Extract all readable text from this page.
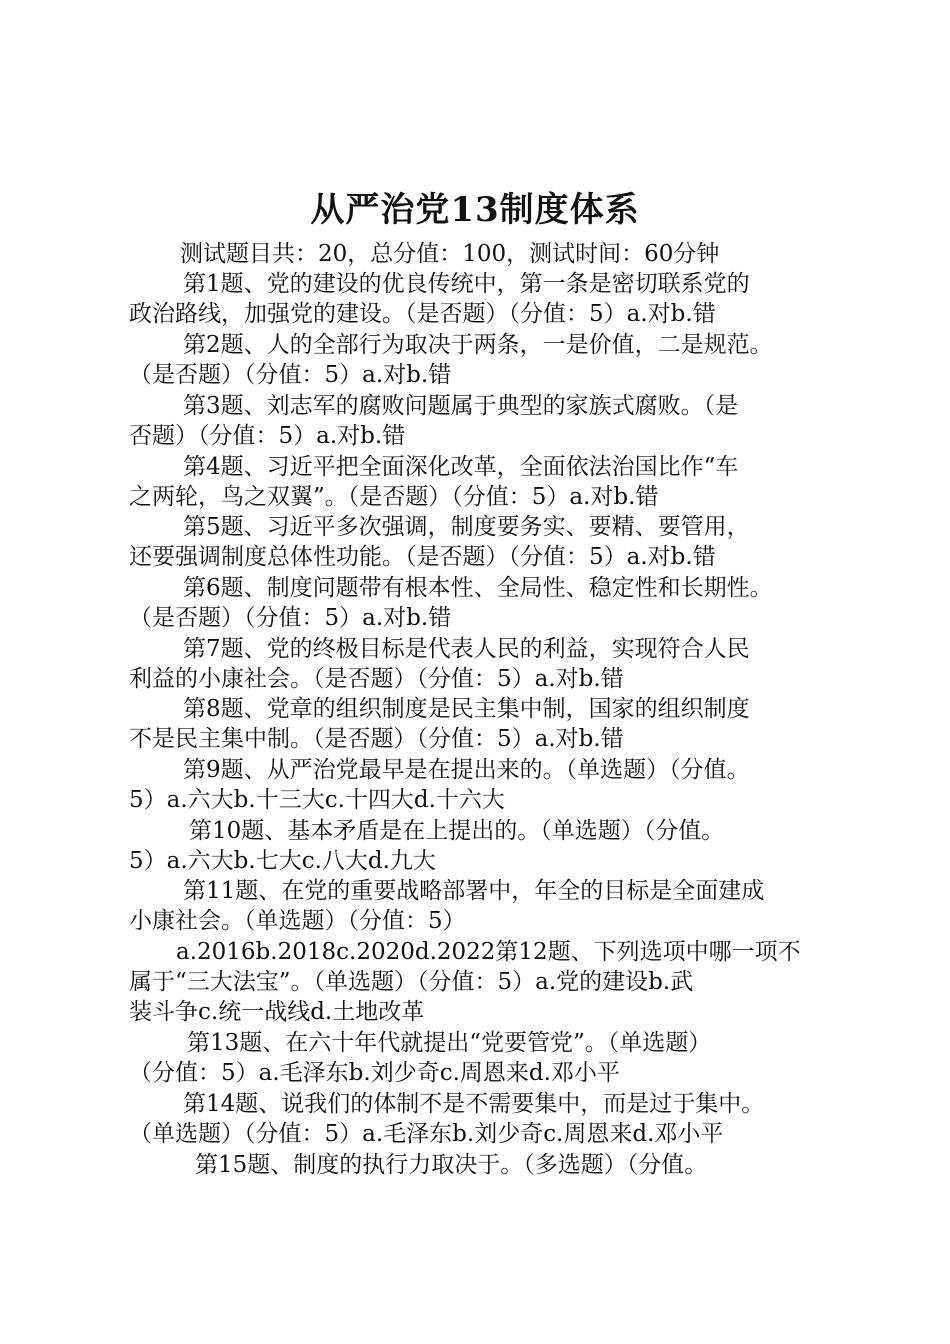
从严治党13制度体系
测试题目共：20，总分值：100，测试时间：60分钟
第1题、党的建设的优良传统中，第一条是密切联系党的
政治路线，加强党的建设。（是否题）（分值：5）a.对b.错
第2题、人的全部行为取决于两条，一是价值，二是规范。
（是否题）（分值：5）a.对b.错
第3题、刘志军的腐败问题属于典型的家族式腐败。（是
否题）（分值：5）a.对b.错
第4题、习近平把全面深化改革，全面依法治国比作“车
之两轮，鸟之双翼”。（是否题）（分值：5）a.对b.错
第5题、习近平多次强调，制度要务实、要精、要管用，
还要强调制度总体性功能。（是否题）（分值：5）a.对b.错
第6题、制度问题带有根本性、全局性、稳定性和长期性。
（是否题）（分值：5）a.对b.错
第7题、党的终极目标是代表人民的利益，实现符合人民
利益的小康社会。（是否题）（分值：5）a.对b.错
第8题、党章的组织制度是民主集中制，国家的组织制度
不是民主集中制。（是否题）（分值：5）a.对b.错
第9题、从严治党最早是在提出来的。（单选题）（分值。
5）a.六大b.十三大c.十四大d.十六大
第10题、基本矛盾是在上提出的。（单选题）（分值。
5）a.六大b.七大c.八大d.九大
第11题、在党的重要战略部署中，年全的目标是全面建成
小康社会。（单选题）（分值：5）
a.2016b.2018c.2020d.2022第12题、下列选项中哪一项不
属于“三大法宝”。（单选题）（分值：5）a.党的建设b.武
装斗争c.统一战线d.土地改革
第13题、在六十年代就提出“党要管党”。（单选题）
（分值：5）a.毛泽东b.刘少奇c.周恩来d.邓小平
第14题、说我们的体制不是不需要集中，而是过于集中。
（单选题）（分值：5）a.毛泽东b.刘少奇c.周恩来d.邓小平
第15题、制度的执行力取决于。（多选题）（分值。
